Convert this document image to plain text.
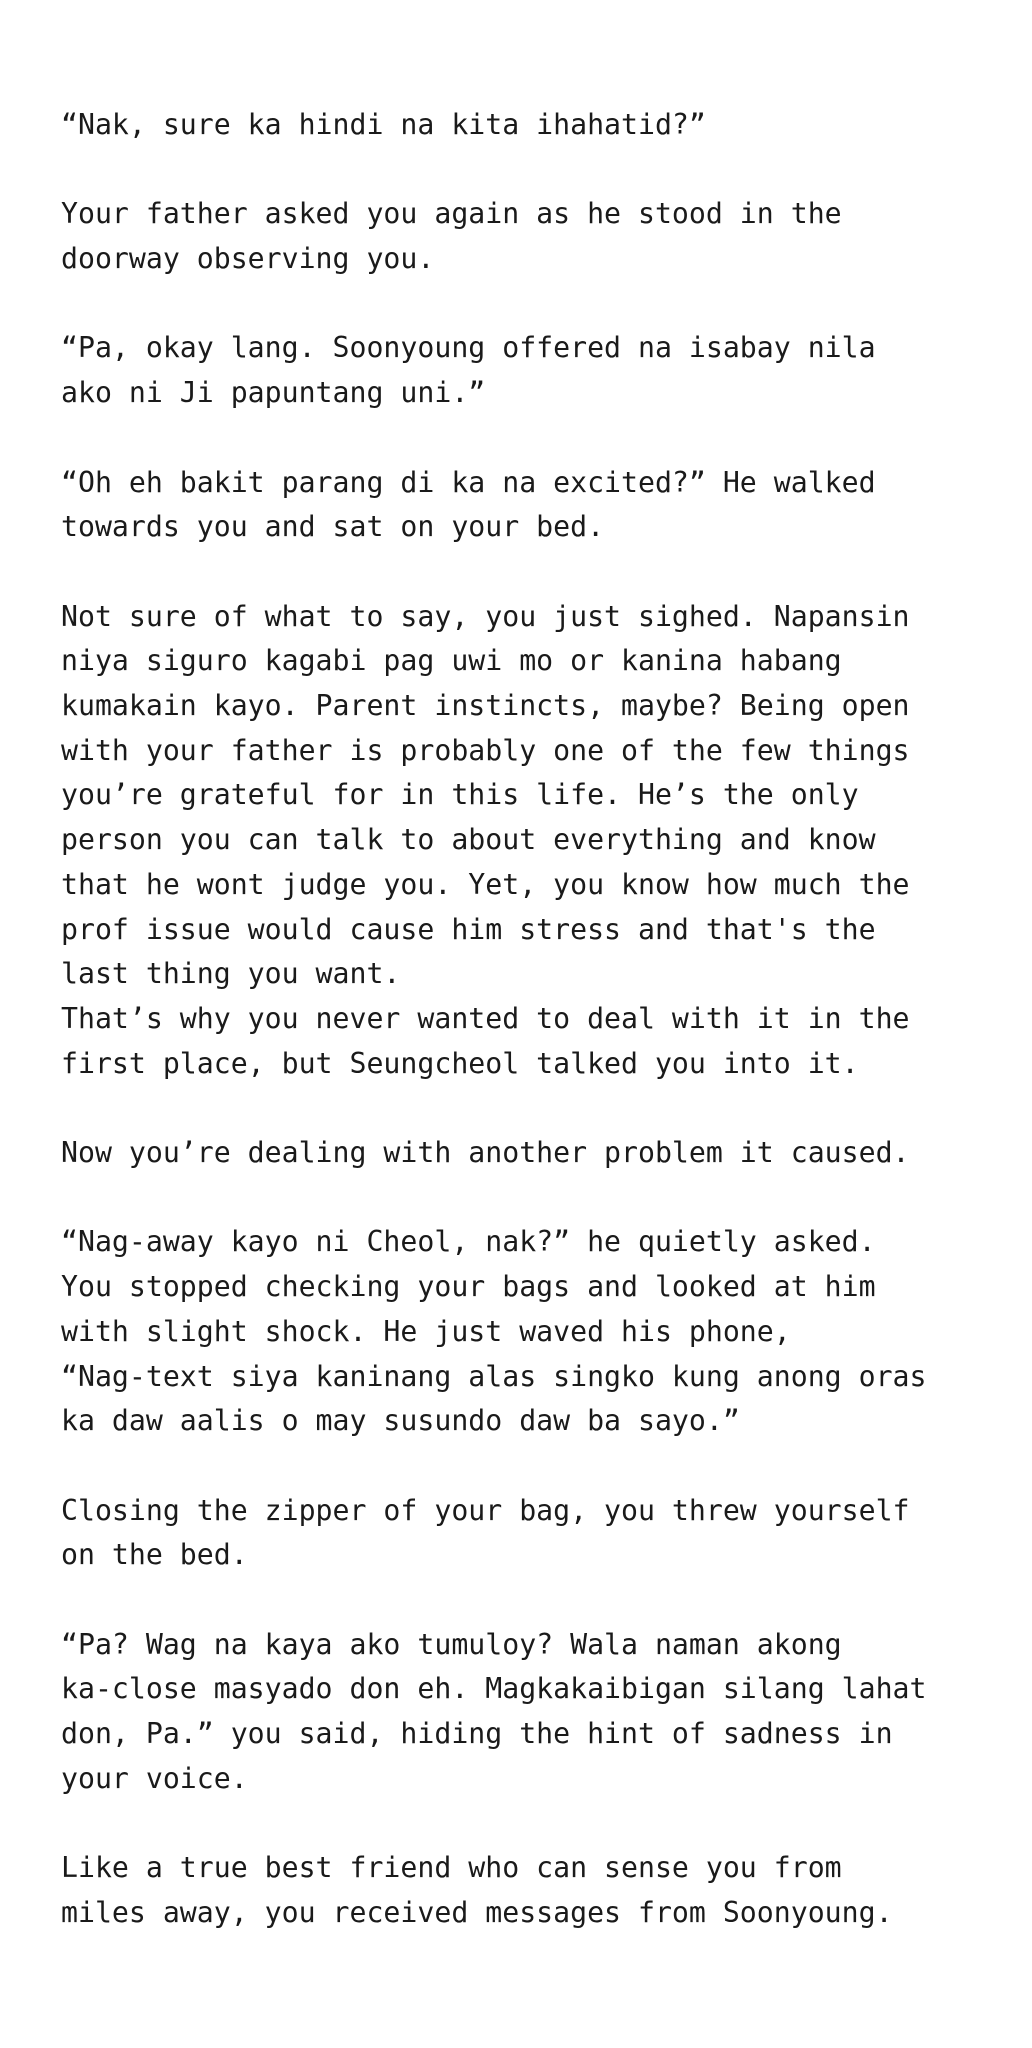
“Nak, sure ka hindi na kita ihahatid?”

Your father asked you again as he stood in the
doorway observing you.

“Pa, okay lang. Soonyoung offered na isabay nila
ako ni Ji papuntang uni.”

“Oh eh bakit parang di ka na excited?” He walked
towards you and sat on your bed.

Not sure of what to say, you just sighed. Napansin
niya siguro kagabi pag uwi mo or kanina habang
kumakain kayo. Parent instincts, maybe? Being open
with your father is probably one of the few things
you’re grateful for in this life. He’s the only
person you can talk to about everything and know
that he wont judge you. Yet, you know how much the
prof issue would cause him stress and that's the
last thing you want.

That’s why you never wanted to deal with it in the
first place, but Seungcheol talked you into it.

Now you’re dealing with another problem it caused.

“Nag-away kayo ni Cheol, nak?” he quietly asked.
You stopped checking your bags and looked at him
with slight shock. He just waved his phone,
“Nag-text siya kaninang alas singko kung anong oras
ka daw aalis o may susundo daw ba sayo.”

Closing the zipper of your bag, you threw yourself
on the bed.

“Pa? Wag na kaya ako tumuloy? Wala naman akong
ka-close masyado don eh. Magkakaibigan silang lahat
don, Pa.” you said, hiding the hint of sadness in
your voice.

Like a true best friend who can sense you from
miles away, you received messages from Soonyoung.
